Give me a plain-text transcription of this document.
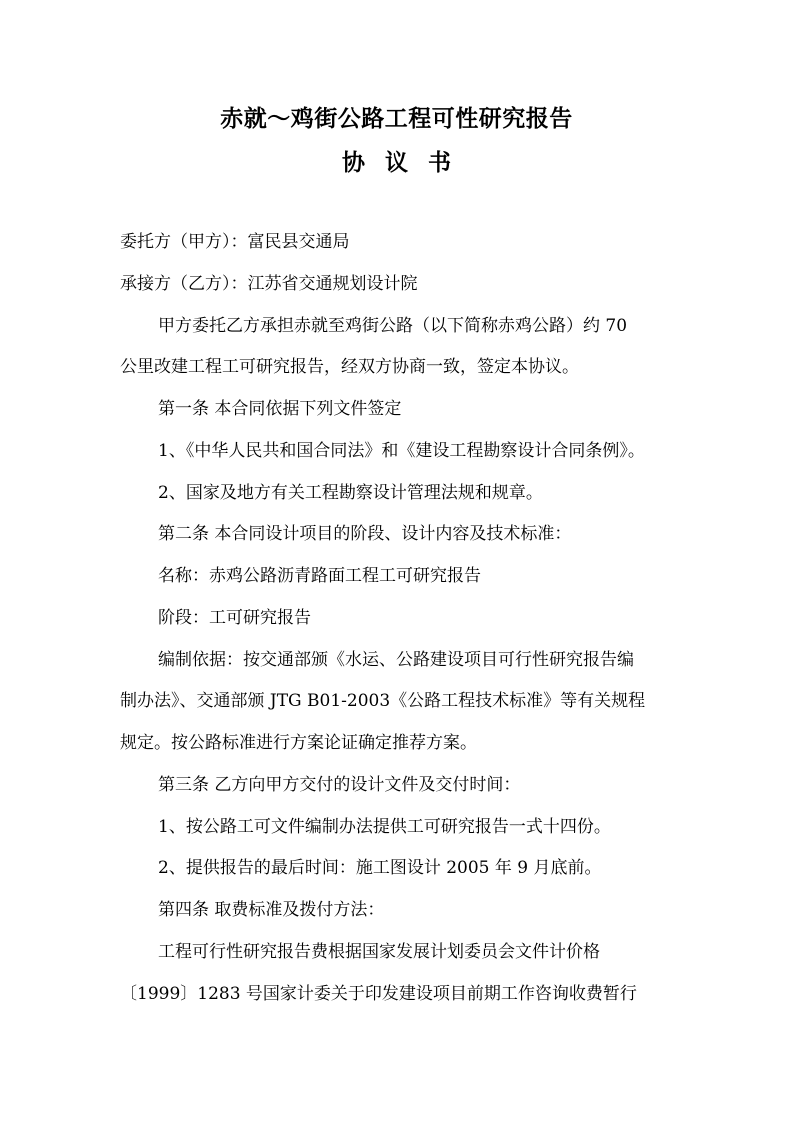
赤就～鸡街公路工程可性研究报告
协议书
委托方（甲方）：富民县交通局
承接方（乙方）：江苏省交通规划设计院
甲方委托乙方承担赤就至鸡街公路（以下简称赤鸡公路）约 70
公里改建工程工可研究报告，经双方协商一致，签定本协议。
第一条 本合同依据下列文件签定
1、《中华人民共和国合同法》和《建设工程勘察设计合同条例》。
2、国家及地方有关工程勘察设计管理法规和规章。
第二条 本合同设计项目的阶段、设计内容及技术标准：
名称：赤鸡公路沥青路面工程工可研究报告
阶段：工可研究报告
编制依据：按交通部颁《水运、公路建设项目可行性研究报告编
制办法》、交通部颁 JTG B01-2003《公路工程技术标准》等有关规程
规定。按公路标准进行方案论证确定推荐方案。
第三条 乙方向甲方交付的设计文件及交付时间：
1、按公路工可文件编制办法提供工可研究报告一式十四份。
2、提供报告的最后时间：施工图设计 2005 年 9 月底前。
第四条 取费标准及拨付方法：
工程可行性研究报告费根据国家发展计划委员会文件计价格
〔1999〕1283 号国家计委关于印发建设项目前期工作咨询收费暂行
